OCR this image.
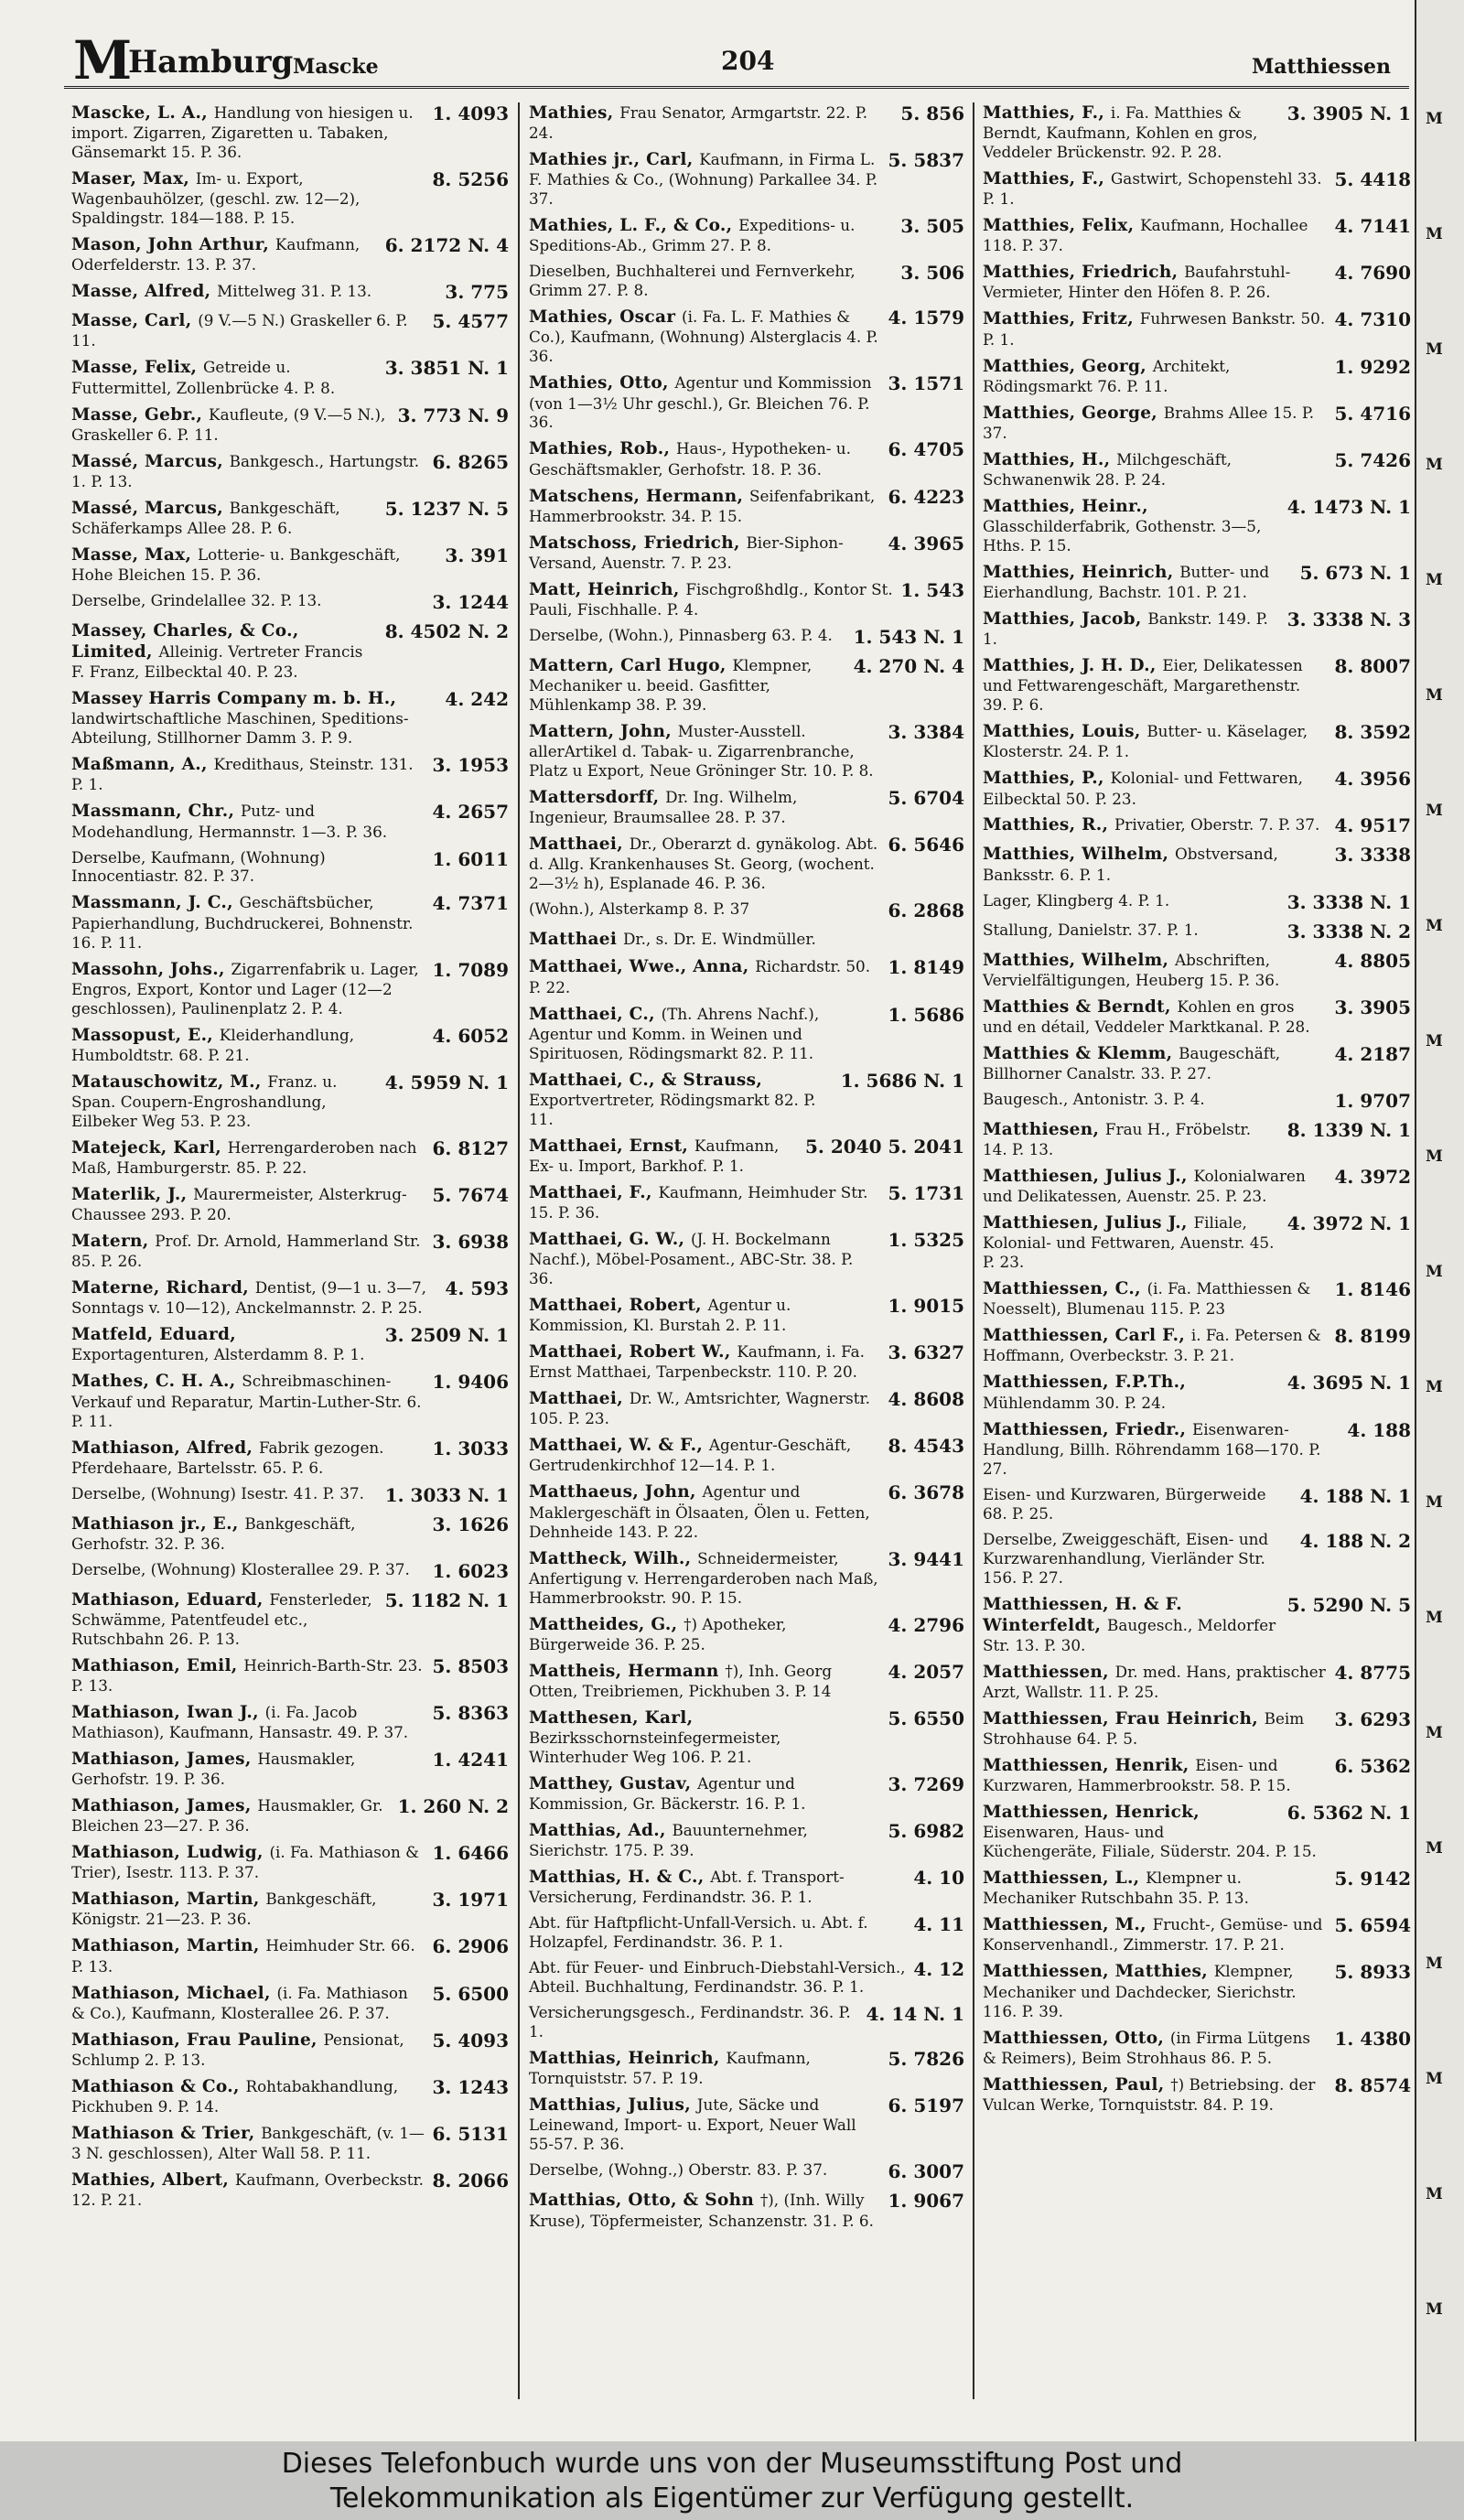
M
Hamburg Mascke	204	Matthiessen
1. 4093
Mascke, L. A., Handlung von hiesigen u. import. Zigarren, Zigaretten u. Tabaken, Gänsemarkt 15. P. 36.
8. 5256
Maser, Max, Im- u. Export, Wagenbauhölzer, (geschl. zw. 12—2), Spaldingstr. 184—188. P. 15.
6. 2172 N. 4
Mason, John Arthur, Kaufmann, Oderfelderstr. 13. P. 37.
3. 775
Masse, Alfred, Mittelweg 31. P. 13.
5. 4577
Masse, Carl, (9 V.—5 N.) Graskeller 6. P. 11.
3. 3851 N. 1
Masse, Felix, Getreide u. Futtermittel, Zollenbrücke 4. P. 8.
3. 773 N. 9
Masse, Gebr., Kaufleute, (9 V.—5 N.), Graskeller 6. P. 11.
6. 8265
Massé, Marcus, Bankgesch., Hartungstr. 1. P. 13.
5. 1237 N. 5
Massé, Marcus, Bankgeschäft, Schäferkamps Allee 28. P. 6.
3. 391
Masse, Max, Lotterie- u. Bankgeschäft, Hohe Bleichen 15. P. 36.
3. 1244
Derselbe, Grindelallee 32. P. 13.
8. 4502 N. 2
Massey, Charles, & Co., Limited, Alleinig. Vertreter Francis F. Franz, Eilbecktal 40. P. 23.
4. 242
Massey Harris Company m. b. H., landwirtschaftliche Maschinen, Speditions-Abteilung, Stillhorner Damm 3. P. 9.
3. 1953
Maßmann, A., Kredithaus, Steinstr. 131. P. 1.
4. 2657
Massmann, Chr., Putz- und Modehandlung, Hermannstr. 1—3. P. 36.
1. 6011
Derselbe, Kaufmann, (Wohnung) Innocentiastr. 82. P. 37.
4. 7371
Massmann, J. C., Geschäftsbücher, Papierhandlung, Buchdruckerei, Bohnenstr. 16. P. 11.
1. 7089
Massohn, Johs., Zigarrenfabrik u. Lager, Engros, Export, Kontor und Lager (12—2 geschlossen), Paulinenplatz 2. P. 4.
4. 6052
Massopust, E., Kleiderhandlung, Humboldtstr. 68. P. 21.
4. 5959 N. 1
Matauschowitz, M., Franz. u. Span. Coupern-Engroshandlung, Eilbeker Weg 53. P. 23.
6. 8127
Matejeck, Karl, Herrengarderoben nach Maß, Hamburgerstr. 85. P. 22.
5. 7674
Materlik, J., Maurermeister, Alsterkrug-Chaussee 293. P. 20.
3. 6938
Matern, Prof. Dr. Arnold, Hammerland Str. 85. P. 26.
4. 593
Materne, Richard, Dentist, (9—1 u. 3—7, Sonntags v. 10—12), Anckelmannstr. 2. P. 25.
3. 2509 N. 1
Matfeld, Eduard, Exportagenturen, Alsterdamm 8. P. 1.
1. 9406
Mathes, C. H. A., Schreibmaschinen-Verkauf und Reparatur, Martin-Luther-Str. 6. P. 11.
1. 3033
Mathiason, Alfred, Fabrik gezogen. Pferdehaare, Bartelsstr. 65. P. 6.
1. 3033 N. 1
Derselbe, (Wohnung) Isestr. 41. P. 37.
3. 1626
Mathiason jr., E., Bankgeschäft, Gerhofstr. 32. P. 36.
1. 6023
Derselbe, (Wohnung) Klosterallee 29. P. 37.
5. 1182 N. 1
Mathiason, Eduard, Fensterleder, Schwämme, Patentfeudel etc., Rutschbahn 26. P. 13.
5. 8503
Mathiason, Emil, Heinrich-Barth-Str. 23. P. 13.
5. 8363
Mathiason, Iwan J., (i. Fa. Jacob Mathiason), Kaufmann, Hansastr. 49. P. 37.
1. 4241
Mathiason, James, Hausmakler, Gerhofstr. 19. P. 36.
1. 260 N. 2
Mathiason, James, Hausmakler, Gr. Bleichen 23—27. P. 36.
1. 6466
Mathiason, Ludwig, (i. Fa. Mathiason & Trier), Isestr. 113. P. 37.
3. 1971
Mathiason, Martin, Bankgeschäft, Königstr. 21—23. P. 36.
6. 2906
Mathiason, Martin, Heimhuder Str. 66. P. 13.
5. 6500
Mathiason, Michael, (i. Fa. Mathiason & Co.), Kaufmann, Klosterallee 26. P. 37.
5. 4093
Mathiason, Frau Pauline, Pensionat, Schlump 2. P. 13.
3. 1243
Mathiason & Co., Rohtabakhandlung, Pickhuben 9. P. 14.
6. 5131
Mathiason & Trier, Bankgeschäft, (v. 1—3 N. geschlossen), Alter Wall 58. P. 11.
8. 2066
Mathies, Albert, Kaufmann, Overbeckstr. 12. P. 21.
5. 856
Mathies, Frau Senator, Armgartstr. 22. P. 24.
5. 5837
Mathies jr., Carl, Kaufmann, in Firma L. F. Mathies & Co., (Wohnung) Parkallee 34. P. 37.
3. 505
Mathies, L. F., & Co., Expeditions- u. Speditions-Ab., Grimm 27. P. 8.
3. 506
Dieselben, Buchhalterei und Fernverkehr, Grimm 27. P. 8.
4. 1579
Mathies, Oscar (i. Fa. L. F. Mathies & Co.), Kaufmann, (Wohnung) Alsterglacis 4. P. 36.
3. 1571
Mathies, Otto, Agentur und Kommission (von 1—3½ Uhr geschl.), Gr. Bleichen 76. P. 36.
6. 4705
Mathies, Rob., Haus-, Hypotheken- u. Geschäftsmakler, Gerhofstr. 18. P. 36.
6. 4223
Matschens, Hermann, Seifenfabrikant, Hammerbrookstr. 34. P. 15.
4. 3965
Matschoss, Friedrich, Bier-Siphon-Versand, Auenstr. 7. P. 23.
1. 543
Matt, Heinrich, Fischgroßhdlg., Kontor St. Pauli, Fischhalle. P. 4.
1. 543 N. 1
Derselbe, (Wohn.), Pinnasberg 63. P. 4.
4. 270 N. 4
Mattern, Carl Hugo, Klempner, Mechaniker u. beeid. Gasfitter, Mühlenkamp 38. P. 39.
3. 3384
Mattern, John, Muster-Ausstell. allerArtikel d. Tabak- u. Zigarrenbranche, Platz u Export, Neue Gröninger Str. 10. P. 8.
5. 6704
Mattersdorff, Dr. Ing. Wilhelm, Ingenieur, Braumsallee 28. P. 37.
6. 5646
Matthaei, Dr., Oberarzt d. gynäkolog. Abt. d. Allg. Krankenhauses St. Georg, (wochent. 2—3½ h), Esplanade 46. P. 36.
6. 2868
(Wohn.), Alsterkamp 8. P. 37
Matthaei Dr., s. Dr. E. Windmüller.
1. 8149
Matthaei, Wwe., Anna, Richardstr. 50. P. 22.
1. 5686
Matthaei, C., (Th. Ahrens Nachf.), Agentur und Komm. in Weinen und Spirituosen, Rödingsmarkt 82. P. 11.
1. 5686 N. 1
Matthaei, C., & Strauss, Exportvertreter, Rödingsmarkt 82. P. 11.
5. 2040 5. 2041
Matthaei, Ernst, Kaufmann, Ex- u. Import, Barkhof. P. 1.
5. 1731
Matthaei, F., Kaufmann, Heimhuder Str. 15. P. 36.
1. 5325
Matthaei, G. W., (J. H. Bockelmann Nachf.), Möbel-Posament., ABC-Str. 38. P. 36.
1. 9015
Matthaei, Robert, Agentur u. Kommission, Kl. Burstah 2. P. 11.
3. 6327
Matthaei, Robert W., Kaufmann, i. Fa. Ernst Matthaei, Tarpenbeckstr. 110. P. 20.
4. 8608
Matthaei, Dr. W., Amtsrichter, Wagnerstr. 105. P. 23.
8. 4543
Matthaei, W. & F., Agentur-Geschäft, Gertrudenkirchhof 12—14. P. 1.
6. 3678
Matthaeus, John, Agentur und Maklergeschäft in Ölsaaten, Ölen u. Fetten, Dehnheide 143. P. 22.
3. 9441
Mattheck, Wilh., Schneidermeister, Anfertigung v. Herrengarderoben nach Maß, Hammerbrookstr. 90. P. 15.
4. 2796
Mattheides, G., †) Apotheker, Bürgerweide 36. P. 25.
4. 2057
Mattheis, Hermann †), Inh. Georg Otten, Treibriemen, Pickhuben 3. P. 14
5. 6550
Matthesen, Karl, Bezirksschornsteinfegermeister, Winterhuder Weg 106. P. 21.
3. 7269
Matthey, Gustav, Agentur und Kommission, Gr. Bäckerstr. 16. P. 1.
5. 6982
Matthias, Ad., Bauunternehmer, Sierichstr. 175. P. 39.
4. 10
Matthias, H. & C., Abt. f. Transport-Versicherung, Ferdinandstr. 36. P. 1.
4. 11
Abt. für Haftpflicht-Unfall-Versich. u. Abt. f. Holzapfel, Ferdinandstr. 36. P. 1.
4. 12
Abt. für Feuer- und Einbruch-Diebstahl-Versich., Abteil. Buchhaltung, Ferdinandstr. 36. P. 1.
4. 14 N. 1
Versicherungsgesch., Ferdinandstr. 36. P. 1.
5. 7826
Matthias, Heinrich, Kaufmann, Tornquiststr. 57. P. 19.
6. 5197
Matthias, Julius, Jute, Säcke und Leinewand, Import- u. Export, Neuer Wall 55-57. P. 36.
6. 3007
Derselbe, (Wohng.,) Oberstr. 83. P. 37.
1. 9067
Matthias, Otto, & Sohn †), (Inh. Willy Kruse), Töpfermeister, Schanzenstr. 31. P. 6.
3. 3905 N. 1
Matthies, F., i. Fa. Matthies & Berndt, Kaufmann, Kohlen en gros, Veddeler Brückenstr. 92. P. 28.
5. 4418
Matthies, F., Gastwirt, Schopenstehl 33. P. 1.
4. 7141
Matthies, Felix, Kaufmann, Hochallee 118. P. 37.
4. 7690
Matthies, Friedrich, Baufahrstuhl-Vermieter, Hinter den Höfen 8. P. 26.
4. 7310
Matthies, Fritz, Fuhrwesen Bankstr. 50. P. 1.
1. 9292
Matthies, Georg, Architekt, Rödingsmarkt 76. P. 11.
5. 4716
Matthies, George, Brahms Allee 15. P. 37.
5. 7426
Matthies, H., Milchgeschäft, Schwanenwik 28. P. 24.
4. 1473 N. 1
Matthies, Heinr., Glasschilderfabrik, Gothenstr. 3—5, Hths. P. 15.
5. 673 N. 1
Matthies, Heinrich, Butter- und Eierhandlung, Bachstr. 101. P. 21.
3. 3338 N. 3
Matthies, Jacob, Bankstr. 149. P. 1.
8. 8007
Matthies, J. H. D., Eier, Delikatessen und Fettwarengeschäft, Margarethenstr. 39. P. 6.
8. 3592
Matthies, Louis, Butter- u. Käselager, Klosterstr. 24. P. 1.
4. 3956
Matthies, P., Kolonial- und Fettwaren, Eilbecktal 50. P. 23.
4. 9517
Matthies, R., Privatier, Oberstr. 7. P. 37.
3. 3338
Matthies, Wilhelm, Obstversand, Banksstr. 6. P. 1.
3. 3338 N. 1
Lager, Klingberg 4. P. 1.
3. 3338 N. 2
Stallung, Danielstr. 37. P. 1.
4. 8805
Matthies, Wilhelm, Abschriften, Vervielfältigungen, Heuberg 15. P. 36.
3. 3905
Matthies & Berndt, Kohlen en gros und en détail, Veddeler Marktkanal. P. 28.
4. 2187
Matthies & Klemm, Baugeschäft, Billhorner Canalstr. 33. P. 27.
1. 9707
Baugesch., Antonistr. 3. P. 4.
8. 1339 N. 1
Matthiesen, Frau H., Fröbelstr. 14. P. 13.
4. 3972
Matthiesen, Julius J., Kolonialwaren und Delikatessen, Auenstr. 25. P. 23.
4. 3972 N. 1
Matthiesen, Julius J., Filiale, Kolonial- und Fettwaren, Auenstr. 45. P. 23.
1. 8146
Matthiessen, C., (i. Fa. Matthiessen & Noesselt), Blumenau 115. P. 23
8. 8199
Matthiessen, Carl F., i. Fa. Petersen & Hoffmann, Overbeckstr. 3. P. 21.
4. 3695 N. 1
Matthiessen, F.P.Th., Mühlendamm 30. P. 24.
4. 188
Matthiessen, Friedr., Eisenwaren-Handlung, Billh. Röhrendamm 168—170. P. 27.
4. 188 N. 1
Eisen- und Kurzwaren, Bürgerweide 68. P. 25.
4. 188 N. 2
Derselbe, Zweiggeschäft, Eisen- und Kurzwarenhandlung, Vierländer Str. 156. P. 27.
5. 5290 N. 5
Matthiessen, H. & F. Winterfeldt, Baugesch., Meldorfer Str. 13. P. 30.
4. 8775
Matthiessen, Dr. med. Hans, praktischer Arzt, Wallstr. 11. P. 25.
3. 6293
Matthiessen, Frau Heinrich, Beim Strohhause 64. P. 5.
6. 5362
Matthiessen, Henrik, Eisen- und Kurzwaren, Hammerbrookstr. 58. P. 15.
6. 5362 N. 1
Matthiessen, Henrick, Eisenwaren, Haus- und Küchengeräte, Filiale, Süderstr. 204. P. 15.
5. 9142
Matthiessen, L., Klempner u. Mechaniker Rutschbahn 35. P. 13.
5. 6594
Matthiessen, M., Frucht-, Gemüse- und Konservenhandl., Zimmerstr. 17. P. 21.
5. 8933
Matthiessen, Matthies, Klempner, Mechaniker und Dachdecker, Sierichstr. 116. P. 39.
1. 4380
Matthiessen, Otto, (in Firma Lütgens & Reimers), Beim Strohhaus 86. P. 5.
8. 8574
Matthiessen, Paul, †) Betriebsing. der Vulcan Werke, Tornquiststr. 84. P. 19.
M
M
M
M
M
M
M
M
M
M
M
M
M
M
M
M
M
M
M
M
Dieses Telefonbuch wurde uns von der Museumsstiftung Post und
Telekommunikation als Eigentümer zur Verfügung gestellt.
